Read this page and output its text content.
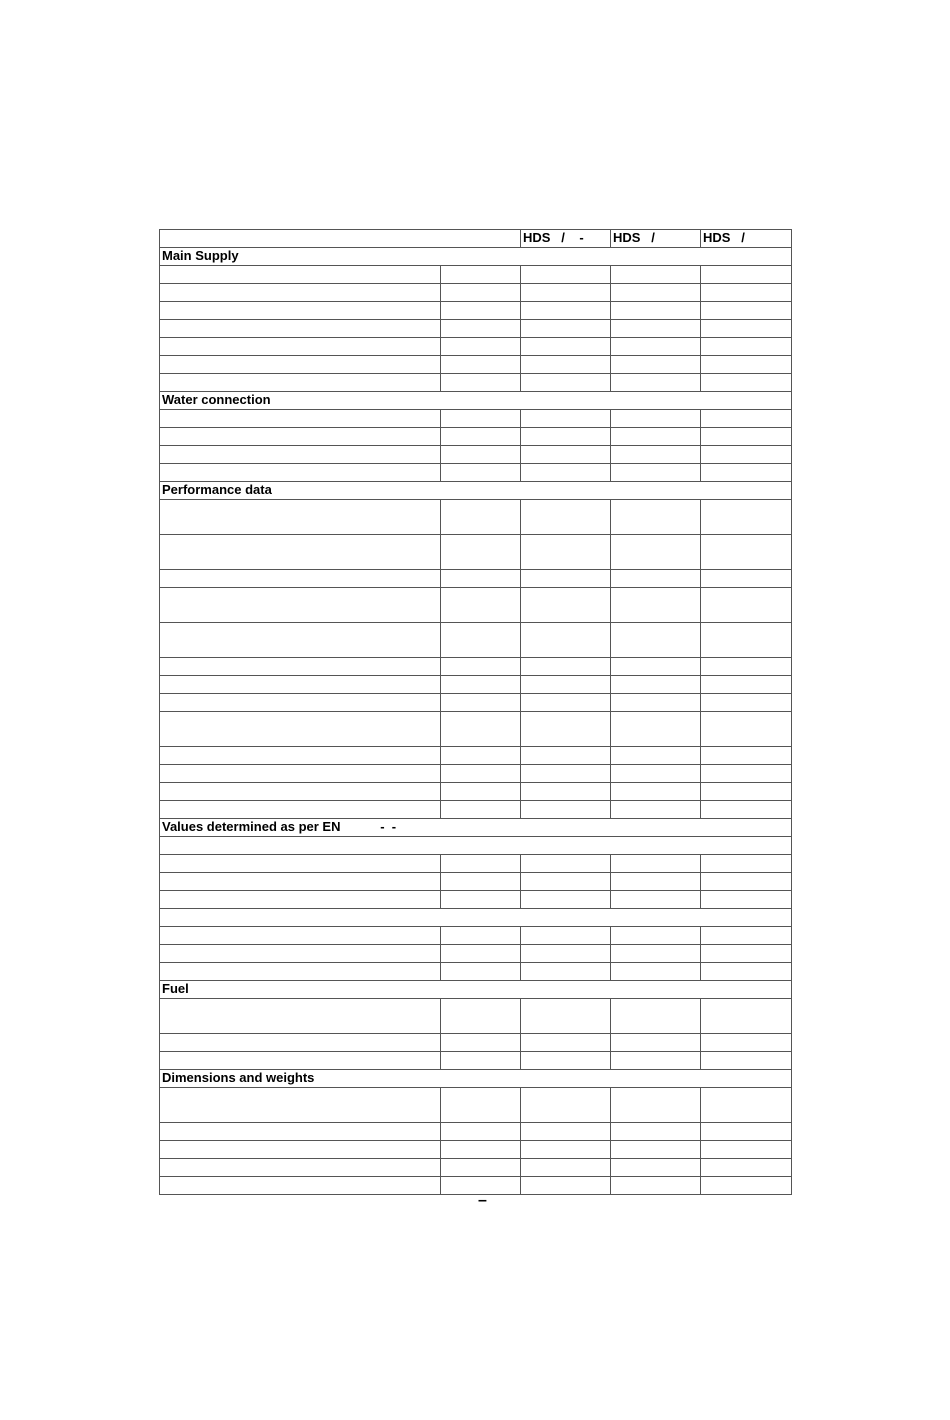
		HDS   /    -	HDS   /	HDS   /
Main Supply				

Water connection				

Performance data				

Values determined as per EN           -  -				

Fuel				

Dimensions and weights				

–
